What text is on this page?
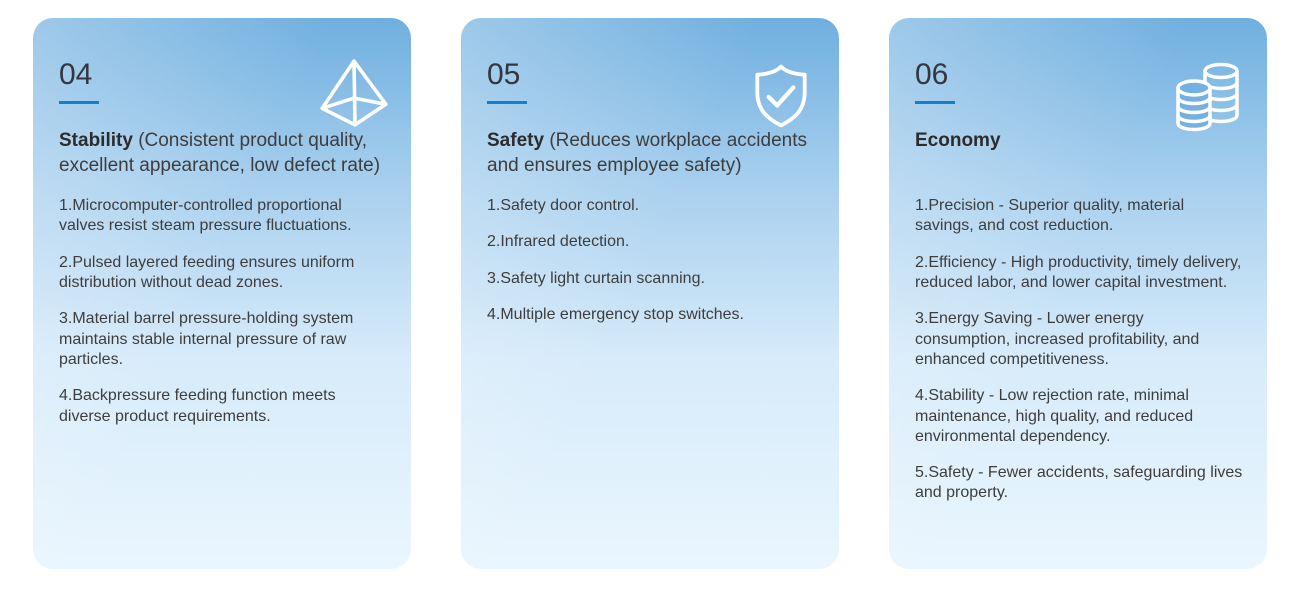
04
Stability (Consistent product quality, excellent appearance, low defect rate)

1.Microcomputer-controlled proportional valves resist steam pressure fluctuations.

2.Pulsed layered feeding ensures uniform distribution without dead zones.

3.Material barrel pressure-holding system maintains stable internal pressure of raw particles.

4.Backpressure feeding function meets diverse product requirements.

05
Safety (Reduces workplace accidents and ensures employee safety)

1.Safety door control.

2.Infrared detection.

3.Safety light curtain scanning.

4.Multiple emergency stop switches.

06
Economy

1.Precision - Superior quality, material savings, and cost reduction.

2.Efficiency - High productivity, timely delivery, reduced labor, and lower capital investment.

3.Energy Saving - Lower energy consumption, increased profitability, and enhanced competitiveness.

4.Stability - Low rejection rate, minimal maintenance, high quality, and reduced environmental dependency.

5.Safety - Fewer accidents, safeguarding lives and property.
